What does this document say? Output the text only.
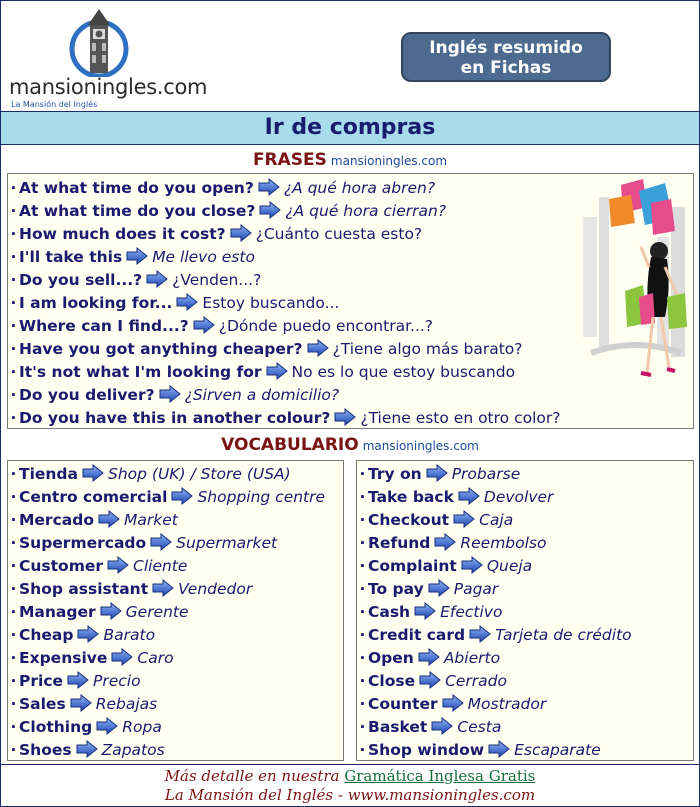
mansioningles.com
La Mansión del Inglés
Inglés resumido
en Fichas
Ir de compras
FRASES mansioningles.com
· At what time do you open? ¿A qué hora abren?
· At what time do you close? ¿A qué hora cierran?
· How much does it cost? ¿Cuánto cuesta esto?
· I'll take this Me llevo esto
· Do you sell...? ¿Venden...?
· I am looking for... Estoy buscando...
· Where can I find...? ¿Dónde puedo encontrar...?
· Have you got anything cheaper? ¿Tiene algo más barato?
· It's not what I'm looking for No es lo que estoy buscando
· Do you deliver? ¿Sirven a domicilio?
· Do you have this in another colour? ¿Tiene esto en otro color?
VOCABULARIO mansioningles.com
· Tienda Shop (UK) / Store (USA)
· Centro comercial Shopping centre
· Mercado Market
· Supermercado Supermarket
· Customer Cliente
· Shop assistant Vendedor
· Manager Gerente
· Cheap Barato
· Expensive Caro
· Price Precio
· Sales Rebajas
· Clothing Ropa
· Shoes Zapatos
· Try on Probarse
· Take back Devolver
· Checkout Caja
· Refund Reembolso
· Complaint Queja
· To pay Pagar
· Cash Efectivo
· Credit card Tarjeta de crédito
· Open Abierto
· Close Cerrado
· Counter Mostrador
· Basket Cesta
· Shop window Escaparate
Más detalle en nuestra Gramática Inglesa Gratis
La Mansión del Inglés - www.mansioningles.com
